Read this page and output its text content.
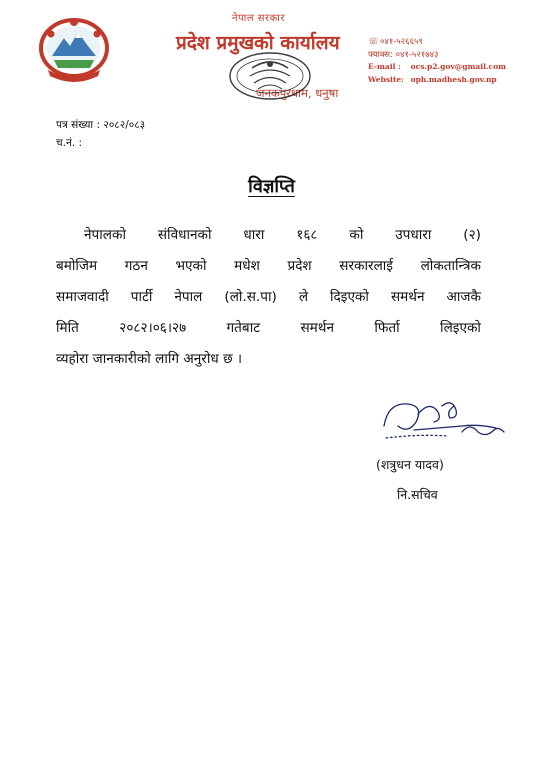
नेपाल सरकार
प्रदेश प्रमुखको कार्यालय
जनकपुरधाम, धनुषा
☏०४१-५२६६५९
फ्याक्स: ०४१-५२१७४३
E-mail : ocs.p2.gov@gmail.com
Website: oph.madhesh.gov.np
पत्र संख्या : २०८२/०८३
च.नं. :
विज्ञप्ति

नेपालको संविधानको धारा १६८ को उपधारा (२)

बमोजिम गठन भएको मधेश प्रदेश सरकारलाई लोकतान्त्रिक

समाजवादी पार्टी नेपाल (लो.स.पा) ले दिइएको समर्थन आजकै

मिति	२०८२।०६।२७	गतेबाट	समर्थन	फिर्ता	लिइएको

व्यहोरा जानकारीको लागि अनुरोध छ ।

(शत्रुधन यादव)
नि.सचिव
